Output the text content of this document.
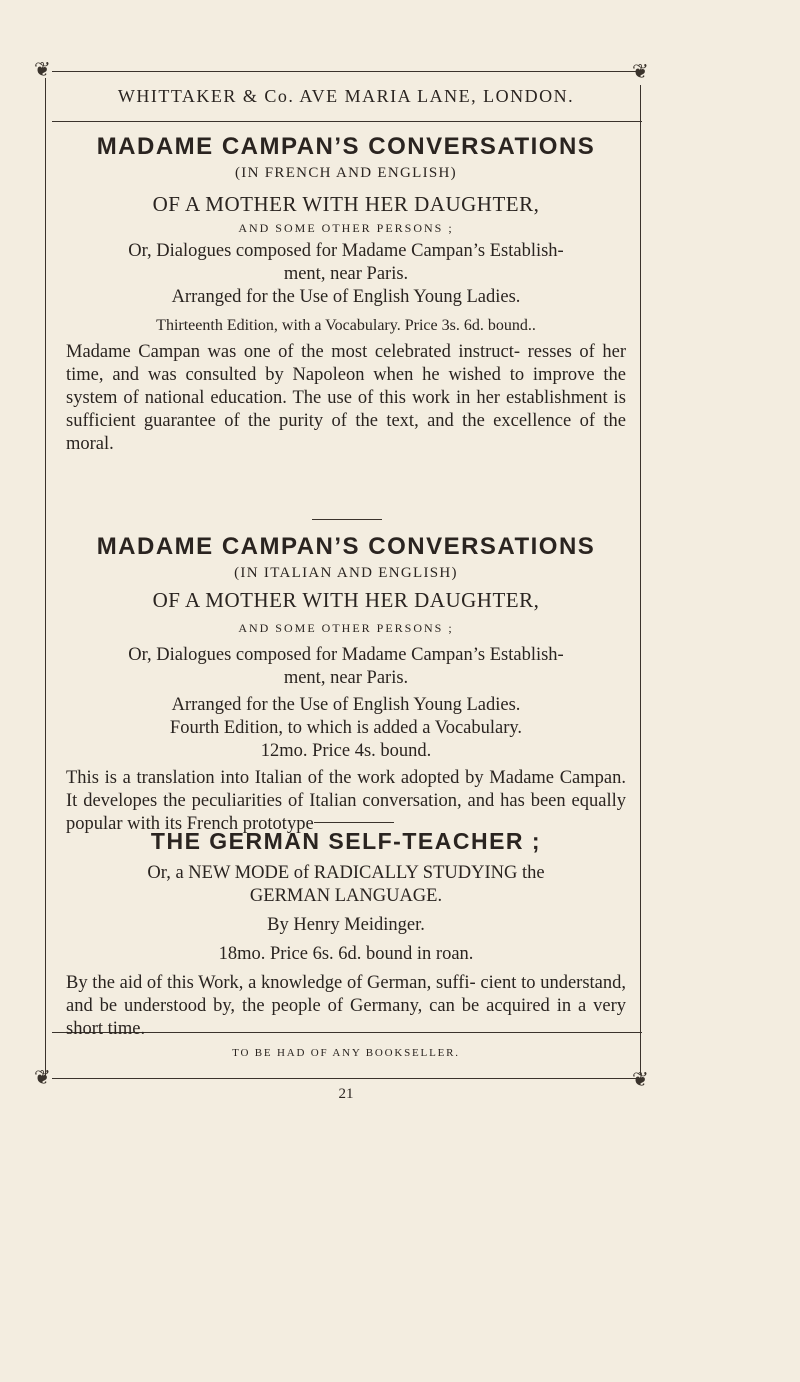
❦	❦
❦	❦
WHITTAKER & Co. AVE MARIA LANE, LONDON.
MADAME CAMPAN’S CONVERSATIONS
(IN FRENCH AND ENGLISH)
OF A MOTHER WITH HER DAUGHTER,
AND SOME OTHER PERSONS ;
Or, Dialogues composed for Madame Campan’s Establish-
ment, near Paris.
Arranged for the Use of English Young Ladies.
Thirteenth Edition, with a Vocabulary. Price 3s. 6d. bound..
Madame Campan was one of the most celebrated instruct- resses of her time, and was consulted by Napoleon when he wished to improve the system of national education. The use of this work in her establishment is sufficient guarantee of the purity of the text, and the excellence of the moral.
MADAME CAMPAN’S CONVERSATIONS
(IN ITALIAN AND ENGLISH)
OF A MOTHER WITH HER DAUGHTER,
AND SOME OTHER PERSONS ;
Or, Dialogues composed for Madame Campan’s Establish-
ment, near Paris.
Arranged for the Use of English Young Ladies.
Fourth Edition, to which is added a Vocabulary.
12mo. Price 4s. bound.
This is a translation into Italian of the work adopted by Madame Campan. It developes the peculiarities of Italian conversation, and has been equally popular with its French prototype
THE GERMAN SELF-TEACHER ;
Or, a NEW MODE of RADICALLY STUDYING the
GERMAN LANGUAGE.
By Henry Meidinger.
18mo. Price 6s. 6d. bound in roan.
By the aid of this Work, a knowledge of German, suffi- cient to understand, and be understood by, the people of Germany, can be acquired in a very short time.
TO BE HAD OF ANY BOOKSELLER.
21
